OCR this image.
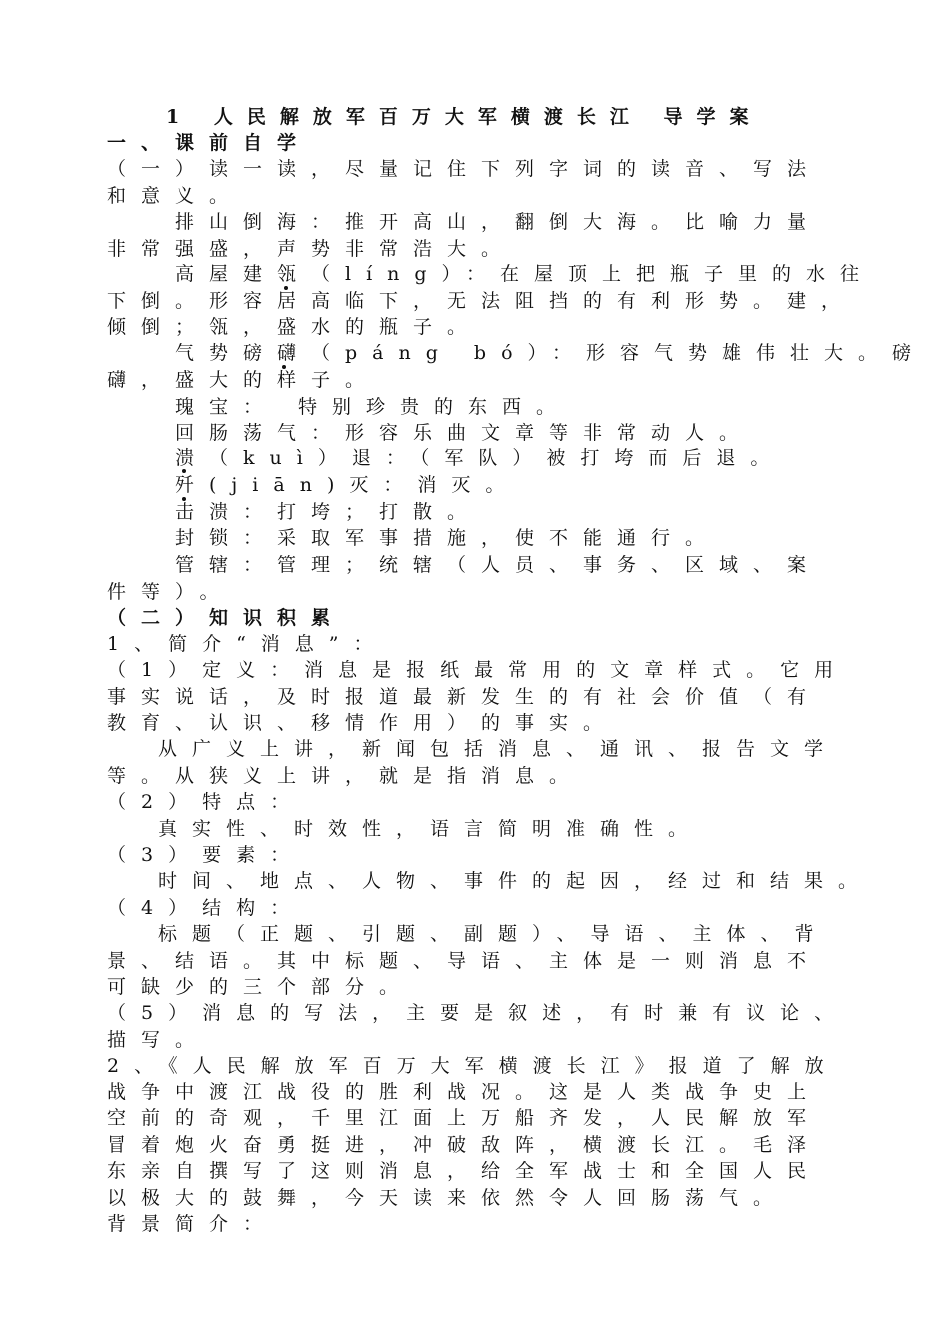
1 人民解放军百万大军横渡长江 导学案
一、课前自学
（一）读一读，尽量记住下列字词的读音、写法
和意义。
排山倒海：推开高山，翻倒大海。比喻力量
非常强盛，声势非常浩大。
高屋建瓴（líng）：在屋顶上把瓶子里的水往
下倒。形容居高临下，无法阻挡的有利形势。建，
倾倒；瓴，盛水的瓶子。
气势磅礴（páng bó）：形容气势雄伟壮大。磅
礴，盛大的样子。
瑰宝： 特别珍贵的东西。
回肠荡气：形容乐曲文章等非常动人。
溃（kuì）退：（军队）被打垮而后退。
歼(jiān)灭：消灭。
击溃：打垮；打散。
封锁：采取军事措施，使不能通行。
管辖：管理；统辖（人员、事务、区域、案
件等）。
（二）知识积累
1、简介“消息”：
（1）定义：消息是报纸最常用的文章样式。它用
事实说话，及时报道最新发生的有社会价值（有
教育、认识、移情作用）的事实。
从广义上讲，新闻包括消息、通讯、报告文学
等。从狭义上讲，就是指消息。
（2）特点：
真实性、时效性，语言简明准确性。
（3）要素：
时间、地点、人物、事件的起因，经过和结果。
（4）结构：
标题（正题、引题、副题）、导语、主体、背
景、结语。其中标题、导语、主体是一则消息不
可缺少的三个部分。
（5）消息的写法，主要是叙述，有时兼有议论、
描写。
2、《人民解放军百万大军横渡长江》报道了解放
战争中渡江战役的胜利战况。这是人类战争史上
空前的奇观，千里江面上万船齐发，人民解放军
冒着炮火奋勇挺进，冲破敌阵，横渡长江。毛泽
东亲自撰写了这则消息，给全军战士和全国人民
以极大的鼓舞，今天读来依然令人回肠荡气。
背景简介：
